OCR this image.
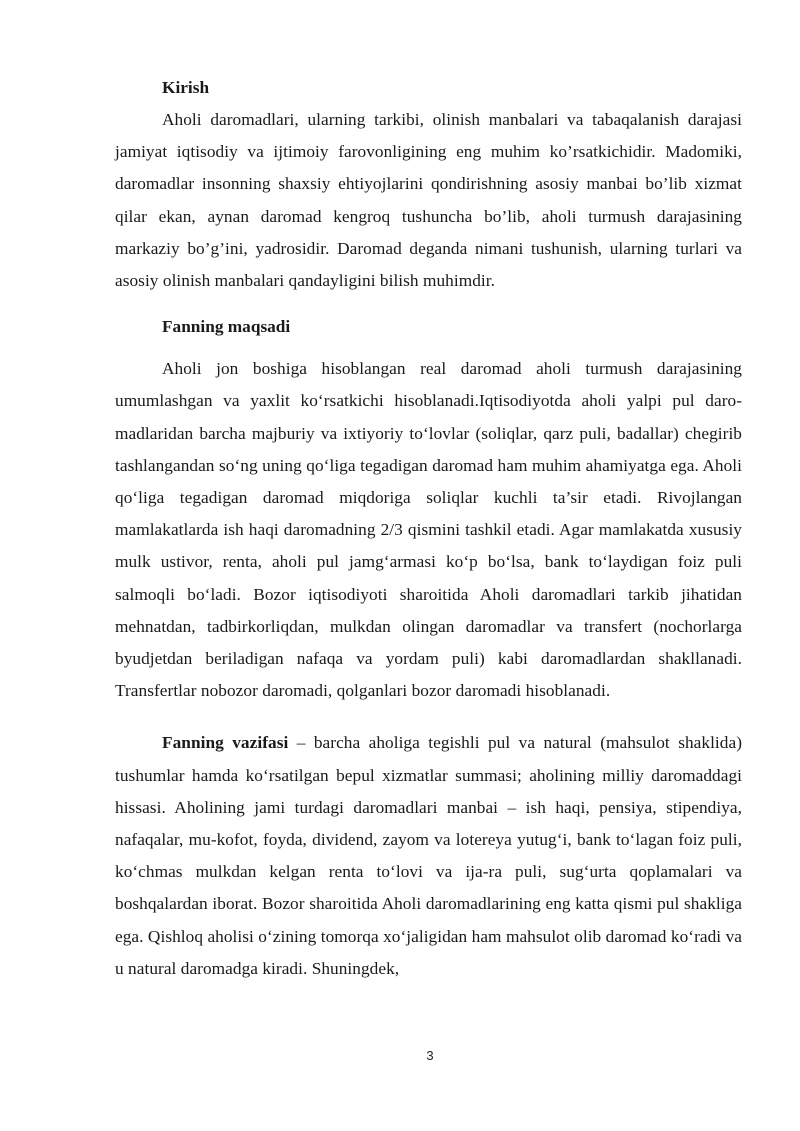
Kirish

Aholi daromadlari, ularning tarkibi, olinish manbalari va tabaqalanish darajasi jamiyat iqtisodiy va ijtimoiy farovonligining eng muhim ko’rsatkichidir. Madomiki, daromadlar insonning shaxsiy ehtiyojlarini qondirishning asosiy manbai bo’lib xizmat qilar ekan, aynan daromad kengroq tushuncha bo’lib, aholi turmush darajasining markaziy bo’g’ini, yadrosidir. Daromad deganda nimani tushunish, ularning turlari va asosiy olinish manbalari qandayligini bilish muhimdir.

Fanning maqsadi

Aholi jon boshiga hisoblangan real daromad aholi turmush darajasining umumlashgan va yaxlit ko‘rsatkichi hisoblanadi.Iqtisodiyotda aholi yalpi pul daro-madlaridan barcha majburiy va ixtiyoriy to‘lovlar (soliqlar, qarz puli, badallar) chegirib tashlangandan so‘ng uning qo‘liga tegadigan daromad ham muhim ahamiyatga ega. Aholi qo‘liga tegadigan daromad miqdoriga soliqlar kuchli ta’sir etadi. Rivojlangan mamlakatlarda ish haqi daromadning 2/3 qismini tashkil etadi. Agar mamlakatda xususiy mulk ustivor, renta, aholi pul jamg‘armasi ko‘p bo‘lsa, bank to‘laydigan foiz puli salmoqli bo‘ladi. Bozor iqtisodiyoti sharoitida Aholi daromadlari tarkib jihatidan mehnatdan, tadbirkorliqdan, mulkdan olingan daromadlar va transfert (nochorlarga byudjetdan beriladigan nafaqa va yordam puli) kabi daromadlardan shakllanadi. Transfertlar nobozor daromadi, qolganlari bozor daromadi hisoblanadi.

Fanning vazifasi – barcha aholiga tegishli pul va natural (mahsulot shaklida) tushumlar hamda ko‘rsatilgan bepul xizmatlar summasi; aholining milliy daromaddagi hissasi. Aholining jami turdagi daromadlari manbai – ish haqi, pensiya, stipendiya, nafaqalar, mu-kofot, foyda, dividend, zayom va lotereya yutug‘i, bank to‘lagan foiz puli, ko‘chmas mulkdan kelgan renta to‘lovi va ija-ra puli, sug‘urta qoplamalari va boshqalardan iborat. Bozor sharoitida Aholi daromadlarining eng katta qismi pul shakliga ega. Qishloq aholisi o‘zining tomorqa xo‘jaligidan ham mahsulot olib daromad ko‘radi va u natural daromadga kiradi. Shuningdek,

3
